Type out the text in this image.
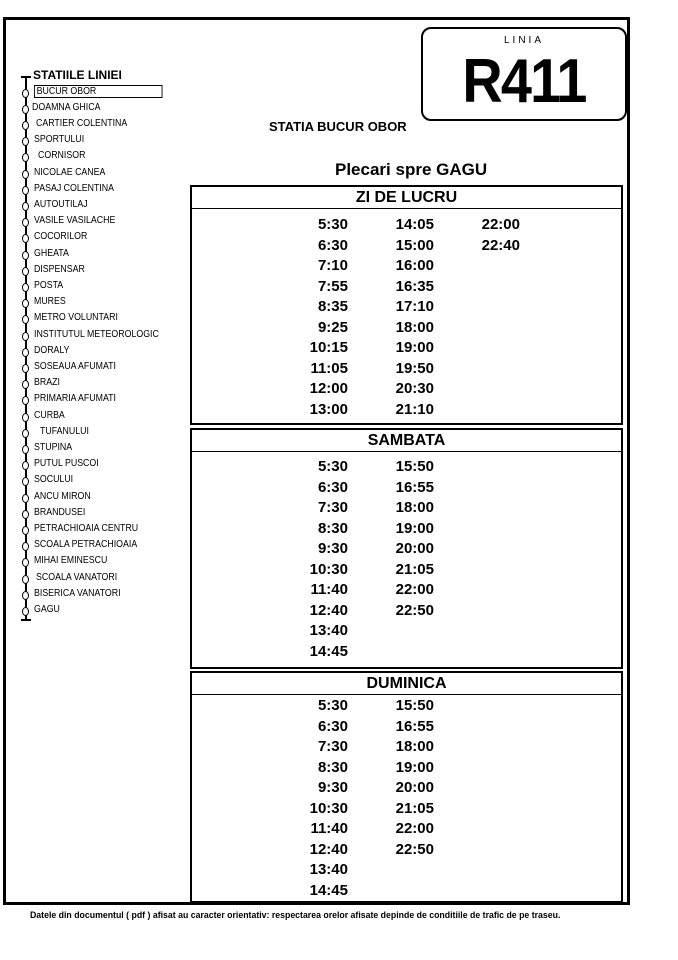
LINIA
R411
STATIILE LINIEI
BUCUR OBOR
DOAMNA GHICA
CARTIER COLENTINA
SPORTULUI
CORNISOR
NICOLAE CANEA
PASAJ COLENTINA
AUTOUTILAJ
VASILE VASILACHE
COCORILOR
GHEATA
DISPENSAR
POSTA
MURES
METRO VOLUNTARI
INSTITUTUL METEOROLOGIC
DORALY
SOSEAUA AFUMATI
BRAZI
PRIMARIA AFUMATI
CURBA
TUFANULUI
STUPINA
PUTUL PUSCOI
SOCULUI
ANCU MIRON
BRANDUSEI
PETRACHIOAIA CENTRU
SCOALA PETRACHIOAIA
MIHAI EMINESCU
SCOALA VANATORI
BISERICA VANATORI
GAGU
STATIA BUCUR OBOR
Plecari spre GAGU
ZI DE LUCRU
5:30
6:30
7:10
7:55
8:35
9:25
10:15
11:05
12:00
13:00
14:05
15:00
16:00
16:35
17:10
18:00
19:00
19:50
20:30
21:10
22:00
22:40
SAMBATA
5:30
6:30
7:30
8:30
9:30
10:30
11:40
12:40
13:40
14:45
15:50
16:55
18:00
19:00
20:00
21:05
22:00
22:50
DUMINICA
5:30
6:30
7:30
8:30
9:30
10:30
11:40
12:40
13:40
14:45
15:50
16:55
18:00
19:00
20:00
21:05
22:00
22:50
Datele din documentul ( pdf ) afisat au caracter orientativ: respectarea orelor afisate depinde de conditiile de trafic de pe traseu.
